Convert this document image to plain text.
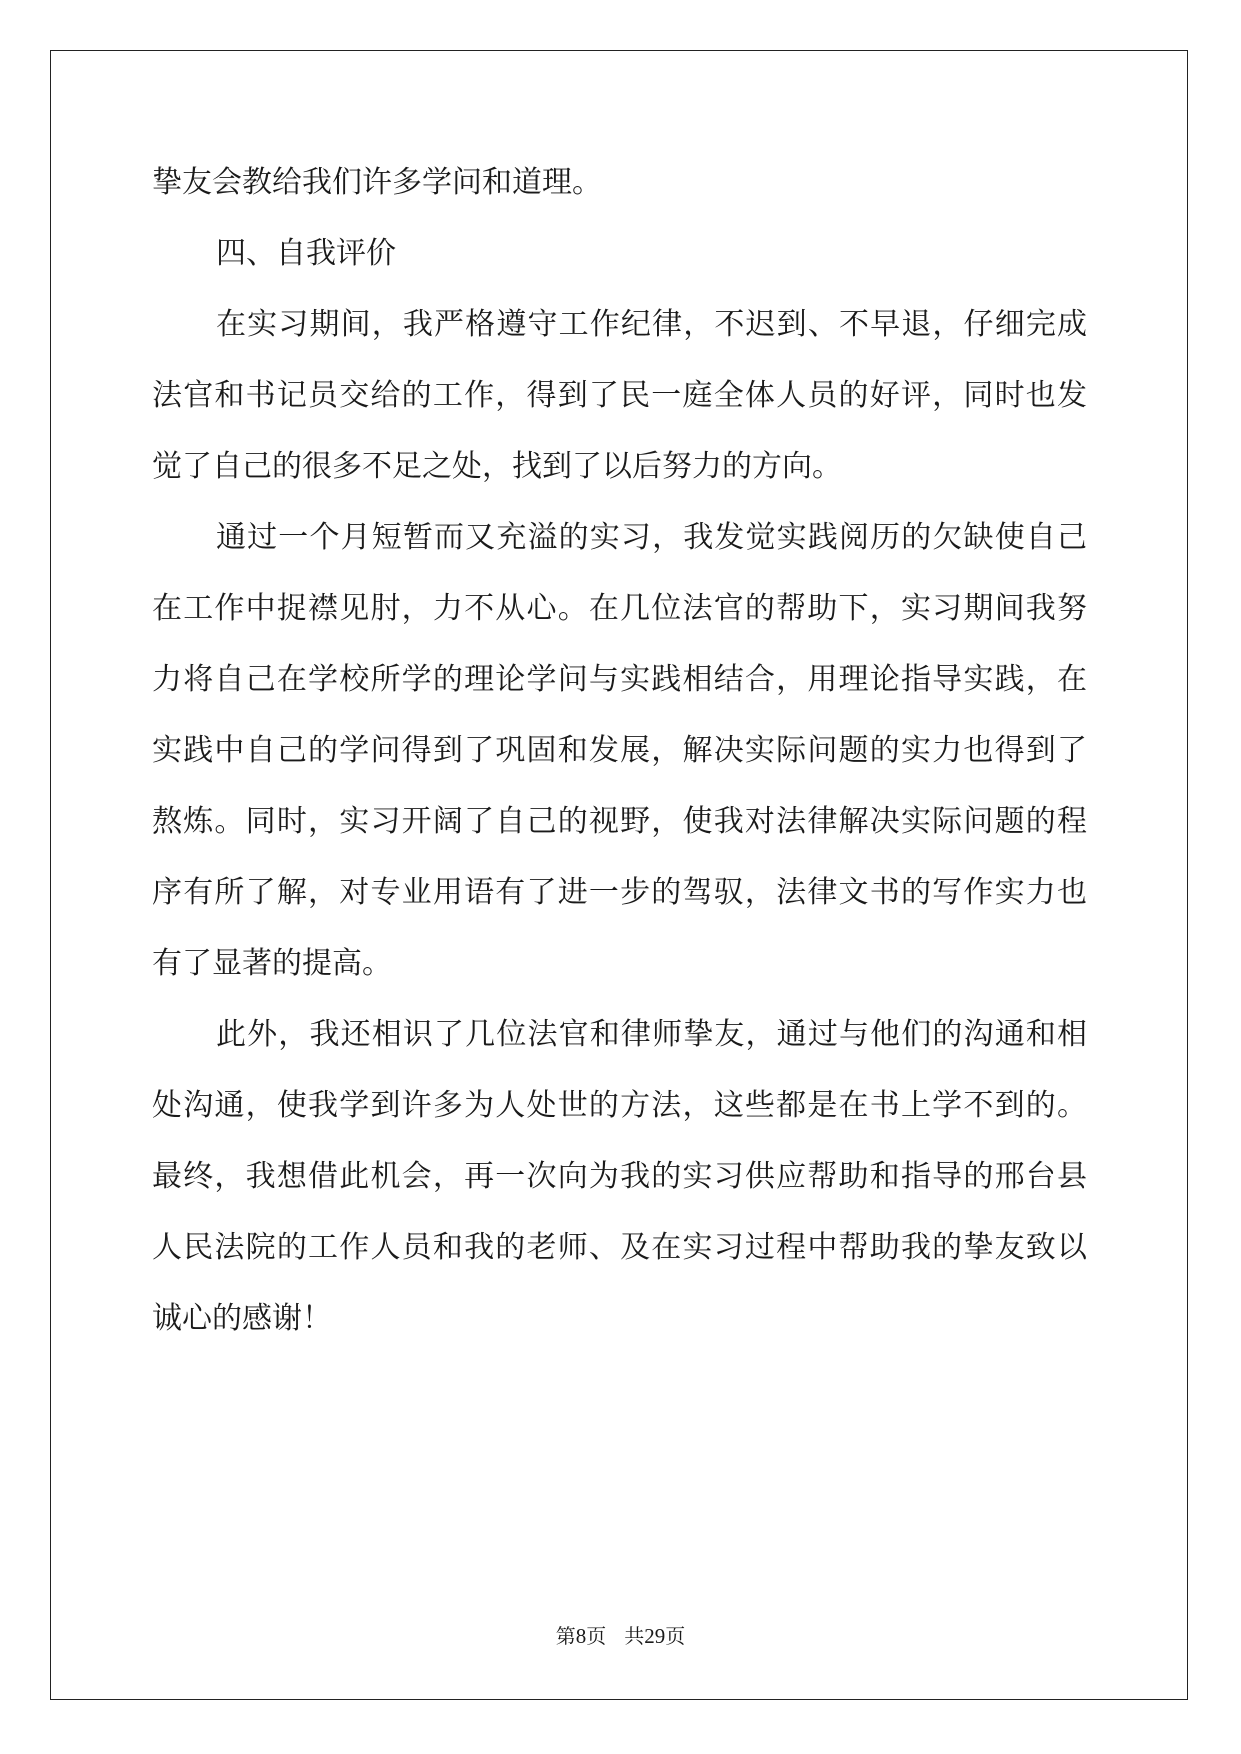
挚友会教给我们许多学问和道理。
四、自我评价
在实习期间，我严格遵守工作纪律，不迟到、不早退，仔细完成
法官和书记员交给的工作，得到了民一庭全体人员的好评，同时也发
觉了自己的很多不足之处，找到了以后努力的方向。
通过一个月短暂而又充溢的实习，我发觉实践阅历的欠缺使自己
在工作中捉襟见肘，力不从心。在几位法官的帮助下，实习期间我努
力将自己在学校所学的理论学问与实践相结合，用理论指导实践，在
实践中自己的学问得到了巩固和发展，解决实际问题的实力也得到了
熬炼。同时，实习开阔了自己的视野，使我对法律解决实际问题的程
序有所了解，对专业用语有了进一步的驾驭，法律文书的写作实力也
有了显著的提高。
此外，我还相识了几位法官和律师挚友，通过与他们的沟通和相
处沟通，使我学到许多为人处世的方法，这些都是在书上学不到的。
最终，我想借此机会，再一次向为我的实习供应帮助和指导的邢台县
人民法院的工作人员和我的老师、及在实习过程中帮助我的挚友致以
诚心的感谢！
第8页 共29页
